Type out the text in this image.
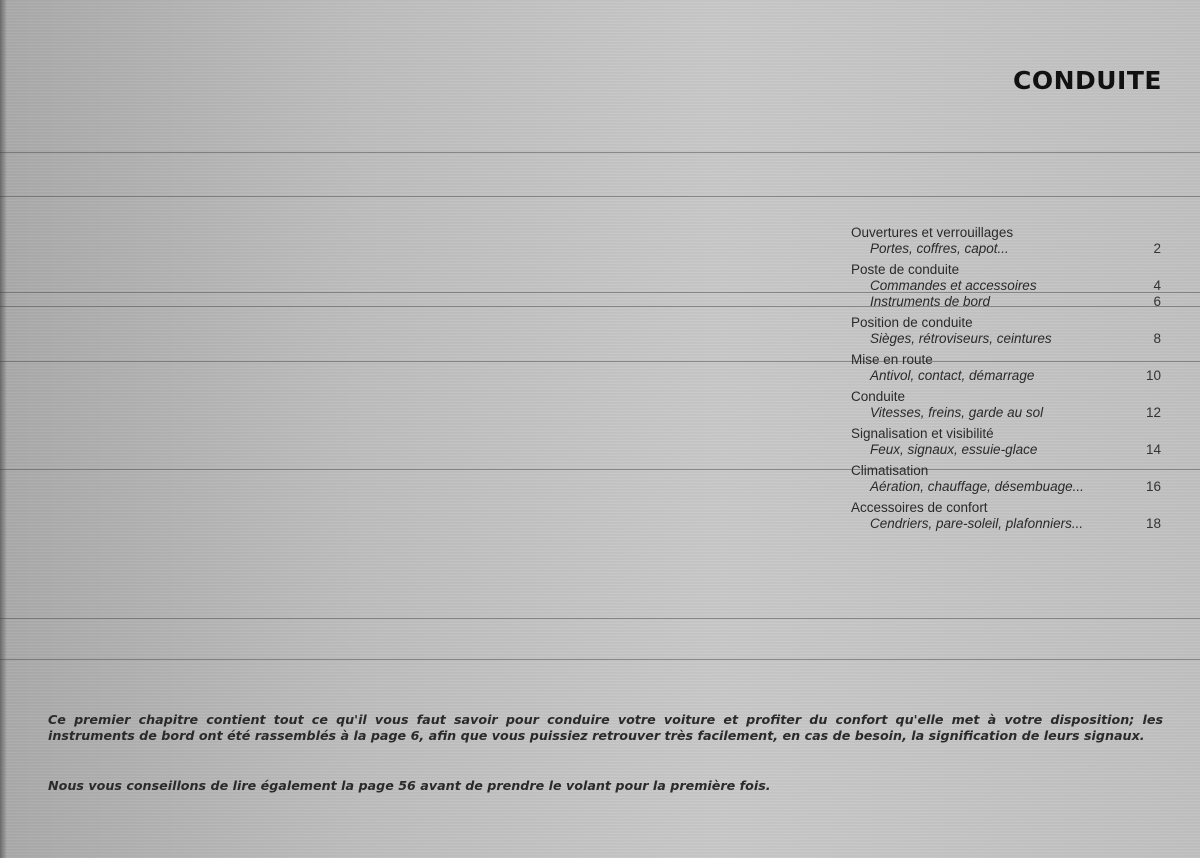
CONDUITE
Ouvertures et verrouillages
Portes, coffres, capot...	2
Poste de conduite
Commandes et accessoires	4
Instruments de bord	6
Position de conduite
Sièges, rétroviseurs, ceintures	8
Mise en route
Antivol, contact, démarrage	10
Conduite
Vitesses, freins, garde au sol	12
Signalisation et visibilité
Feux, signaux, essuie-glace	14
Climatisation
Aération, chauffage, désembuage...	16
Accessoires de confort
Cendriers, pare-soleil, plafonniers...	18

Ce premier chapitre contient tout ce qu'il vous faut savoir pour conduire votre voiture et profiter du confort qu'elle met à votre disposition; les instruments de bord ont été rassemblés à la page 6, afin que vous puissiez retrouver très facilement, en cas de besoin, la signification de leurs signaux.

Nous vous conseillons de lire également la page 56 avant de prendre le volant pour la première fois.
